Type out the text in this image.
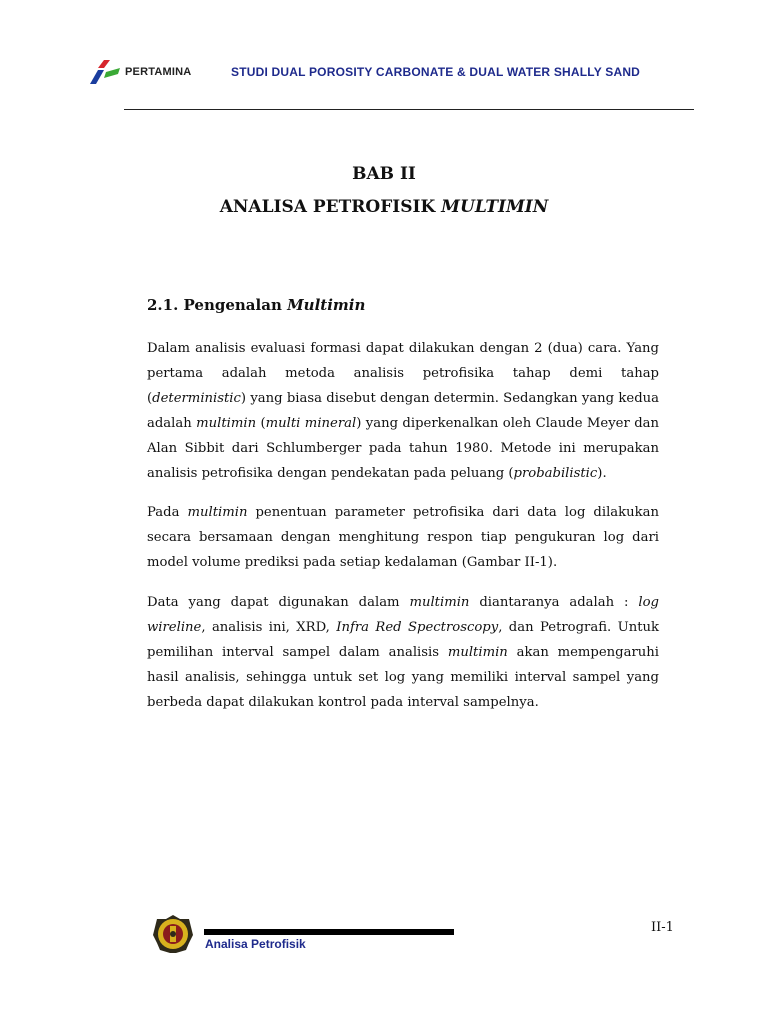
PERTAMINA	STUDI DUAL POROSITY CARBONATE & DUAL WATER SHALLY SAND
BAB II
ANALISA PETROFISIK MULTIMIN
2.1. Pengenalan Multimin

Dalam analisis evaluasi formasi dapat dilakukan dengan 2 (dua) cara. Yang pertama adalah metoda analisis petrofisika tahap demi tahap (deterministic) yang biasa disebut dengan determin. Sedangkan yang kedua adalah multimin (multi mineral) yang diperkenalkan oleh Claude Meyer dan Alan Sibbit dari Schlumberger pada tahun 1980. Metode ini merupakan analisis petrofisika dengan pendekatan pada peluang (probabilistic).

Pada multimin penentuan parameter petrofisika dari data log dilakukan secara bersamaan dengan menghitung respon tiap pengukuran log dari model volume prediksi pada setiap kedalaman (Gambar II-1).

Data yang dapat digunakan dalam multimin diantaranya adalah : log wireline, analisis ini, XRD, Infra Red Spectroscopy, dan Petrografi. Untuk pemilihan interval sampel dalam analisis multimin akan mempengaruhi hasil analisis, sehingga untuk set log yang memiliki interval sampel yang berbeda dapat dilakukan kontrol pada interval sampelnya.

Analisa Petrofisik
II-1
